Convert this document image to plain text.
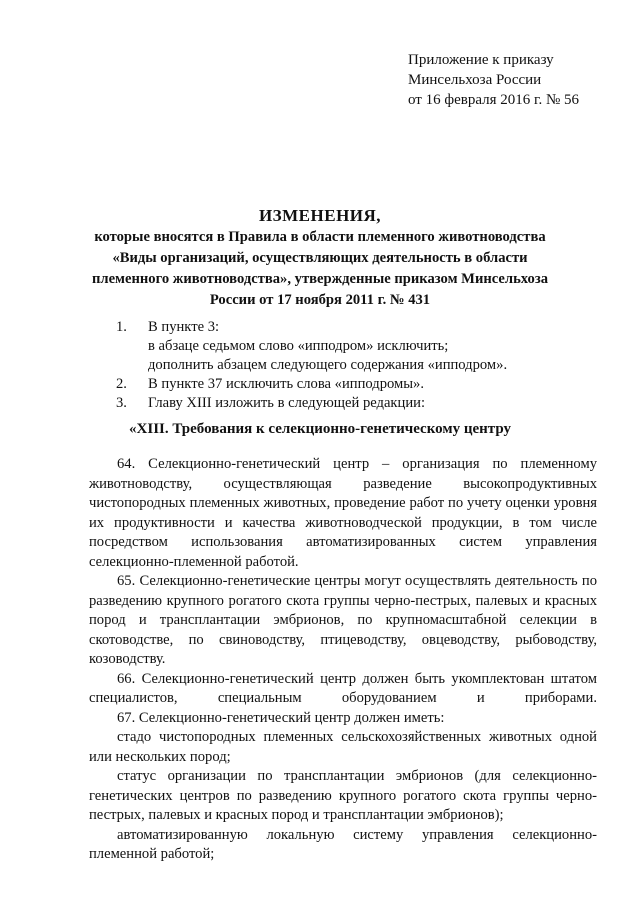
Приложение к приказу
Минсельхоза России
от 16 февраля 2016 г. № 56
ИЗМЕНЕНИЯ,
которые вносятся в Правила в области племенного животноводства
«Виды организаций, осуществляющих деятельность в области
племенного животноводства», утвержденные приказом Минсельхоза
России от 17 ноября 2011 г. № 431
1.	В пункте 3:
в абзаце седьмом слово «ипподром» исключить;
дополнить абзацем следующего содержания «ипподром».
2.	В пункте 37 исключить слова «ипподромы».
3.	Главу XIII изложить в следующей редакции:
«XIII. Требования к селекционно-генетическому центру

64. Селекционно-генетический центр – организация по племенному животноводству, осуществляющая разведение высокопродуктивных чистопородных племенных животных, проведение работ по учету оценки уровня их продуктивности и качества животноводческой продукции, в том числе посредством использования автоматизированных систем управления селекционно-племенной работой.

65. Селекционно-генетические центры могут осуществлять деятельность по разведению крупного рогатого скота группы черно-пестрых, палевых и красных пород и трансплантации эмбрионов, по крупномасштабной селекции в скотоводстве, по свиноводству, птицеводству, овцеводству, рыбоводству, козоводству.

66. Селекционно-генетический центр должен быть укомплектован штатом специалистов, специальным оборудованием и приборами.

67. Селекционно-генетический центр должен иметь:

стадо чистопородных племенных сельскохозяйственных животных одной или нескольких пород;

статус организации по трансплантации эмбрионов (для селекционно-генетических центров по разведению крупного рогатого скота группы черно-пестрых, палевых и красных пород и трансплантации эмбрионов);

автоматизированную локальную систему управления селекционно-племенной работой;
